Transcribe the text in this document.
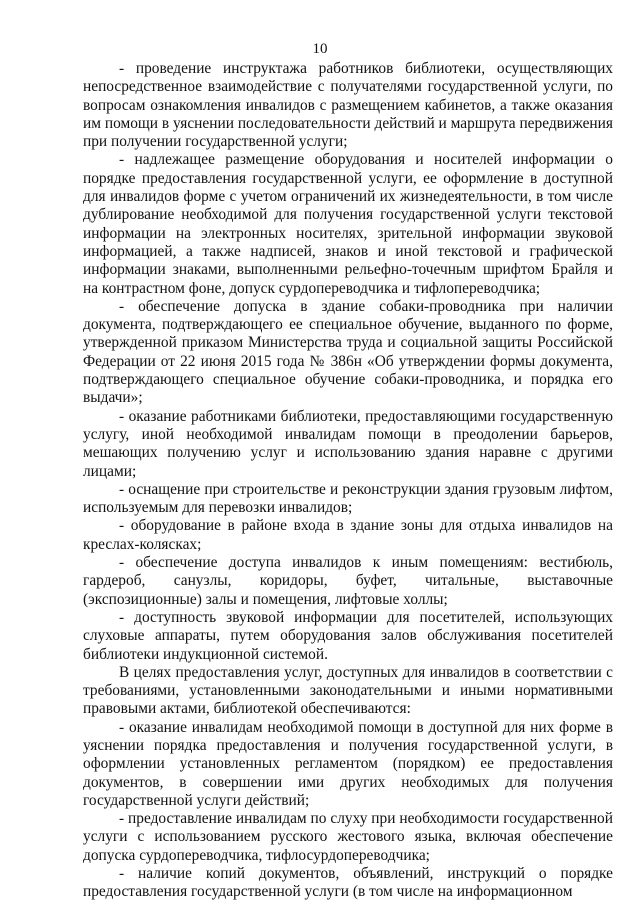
10

- проведение инструктажа работников библиотеки, осуществляющих непосредственное взаимодействие с получателями государственной услуги, по вопросам ознакомления инвалидов с размещением кабинетов, а также оказания им помощи в уяснении последовательности действий и маршрута передвижения при получении государственной услуги;

- надлежащее размещение оборудования и носителей информации о порядке предоставления государственной услуги, ее оформление в доступной для инвалидов форме с учетом ограничений их жизнедеятельности, в том числе дублирование необходимой для получения государственной услуги текстовой информации на электронных носителях, зрительной информации звуковой информацией, а также надписей, знаков и иной текстовой и графической информации знаками, выполненными рельефно-точечным шрифтом Брайля и на контрастном фоне, допуск сурдопереводчика и тифлопереводчика;

- обеспечение допуска в здание собаки-проводника при наличии документа, подтверждающего ее специальное обучение, выданного по форме, утвержденной приказом Министерства труда и социальной защиты Российской Федерации от 22 июня 2015 года № 386н «Об утверждении формы документа, подтверждающего специальное обучение собаки-проводника, и порядка его выдачи»;

- оказание работниками библиотеки, предоставляющими государственную услугу, иной необходимой инвалидам помощи в преодолении барьеров, мешающих получению услуг и использованию здания наравне с другими лицами;

- оснащение при строительстве и реконструкции здания грузовым лифтом, используемым для перевозки инвалидов;

- оборудование в районе входа в здание зоны для отдыха инвалидов на креслах-колясках;

- обеспечение доступа инвалидов к иным помещениям: вестибюль, гардероб, санузлы, коридоры, буфет, читальные, выставочные (экспозиционные) залы и помещения, лифтовые холлы;

- доступность звуковой информации для посетителей, использующих слуховые аппараты, путем оборудования залов обслуживания посетителей библиотеки индукционной системой.

В целях предоставления услуг, доступных для инвалидов в соответствии с требованиями, установленными законодательными и иными нормативными правовыми актами, библиотекой обеспечиваются:

- оказание инвалидам необходимой помощи в доступной для них форме в уяснении порядка предоставления и получения государственной услуги, в оформлении установленных регламентом (порядком) ее предоставления документов, в совершении ими других необходимых для получения государственной услуги действий;

- предоставление инвалидам по слуху при необходимости государственной услуги с использованием русского жестового языка, включая обеспечение допуска сурдопереводчика, тифлосурдопереводчика;

- наличие копий документов, объявлений, инструкций о порядке предоставления государственной услуги (в том числе на информационном
